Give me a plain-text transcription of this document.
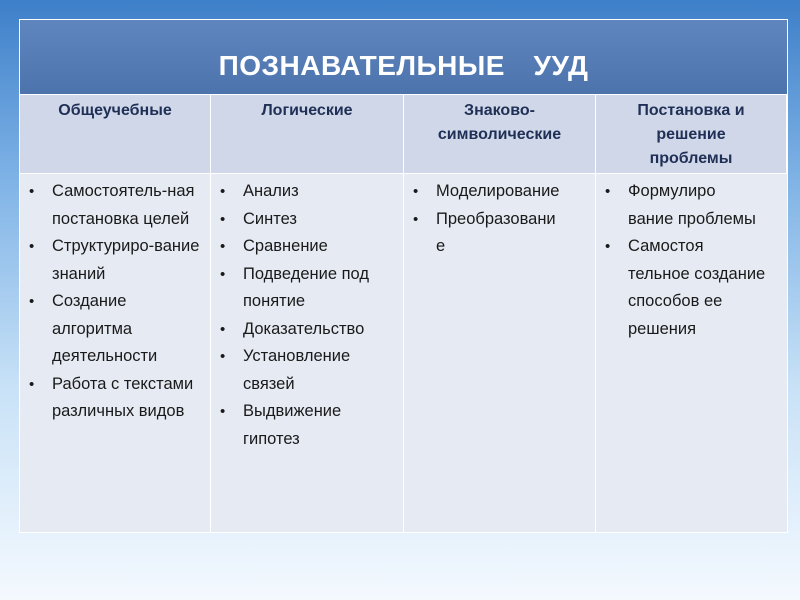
ПОЗНАВАТЕЛЬНЫЕ  УУД
Общеучебные	Логические	Знаково-
символические
Постановка и
решение
проблемы
• Самостоятель-ная постановка целей
• Структуриро-вание знаний
• Создание алгоритма деятельности
• Работа с текстами различных видов
• Анализ
• Синтез
• Сравнение
• Подведение под понятие
• Доказательство
• Установление связей
• Выдвижение гипотез
• Моделирование
• Преобразовани
е
• Формулиро
вание проблемы
• Самостоя
тельное создание способов ее решения
